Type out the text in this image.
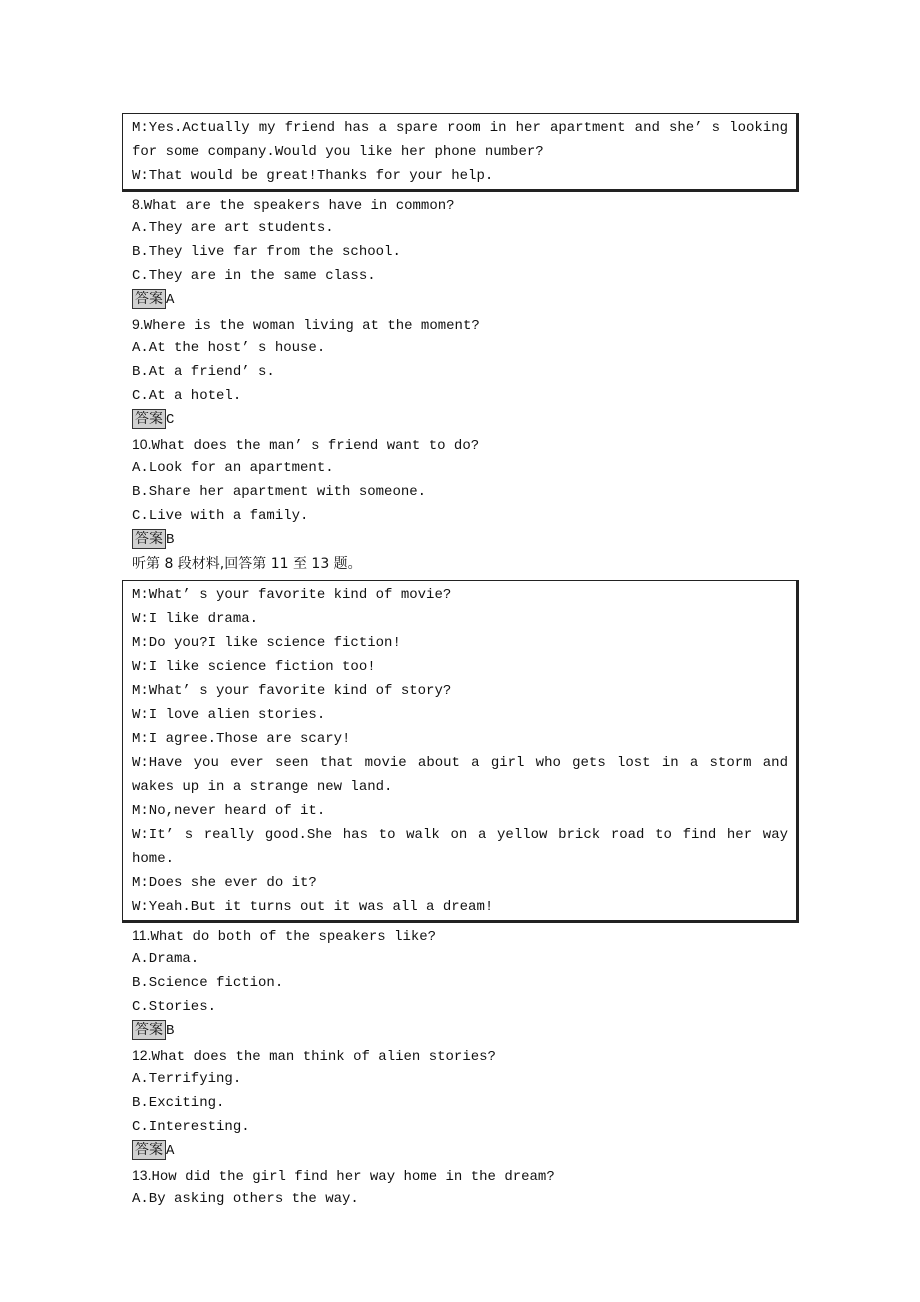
M:Yes.Actually my friend has a spare room in her apartment and she’ s looking for some company.Would you like her phone number?
W:That would be great!Thanks for your help.
8.What are the speakers have in common?
A.They are art students.
B.They live far from the school.
C.They are in the same class.
答案 A
9.Where is the woman living at the moment?
A.At the host’ s house.
B.At a friend’ s.
C.At a hotel.
答案 C
10.What does the man’ s friend want to do?
A.Look for an apartment.
B.Share her apartment with someone.
C.Live with a family.
答案 B
听第 8 段材料,回答第 11 至 13 题。
M:What’ s your favorite kind of movie?
W:I like drama.
M:Do you?I like science fiction!
W:I like science fiction too!
M:What’ s your favorite kind of story?
W:I love alien stories.
M:I agree.Those are scary!
W:Have you ever seen that movie about a girl who gets lost in a storm and wakes up in a strange new land.
M:No,never heard of it.
W:It’ s really good.She has to walk on a yellow brick road to find her way home.
M:Does she ever do it?
W:Yeah.But it turns out it was all a dream!
11.What do both of the speakers like?
A.Drama.
B.Science fiction.
C.Stories.
答案 B
12.What does the man think of alien stories?
A.Terrifying.
B.Exciting.
C.Interesting.
答案 A
13.How did the girl find her way home in the dream?
A.By asking others the way.
